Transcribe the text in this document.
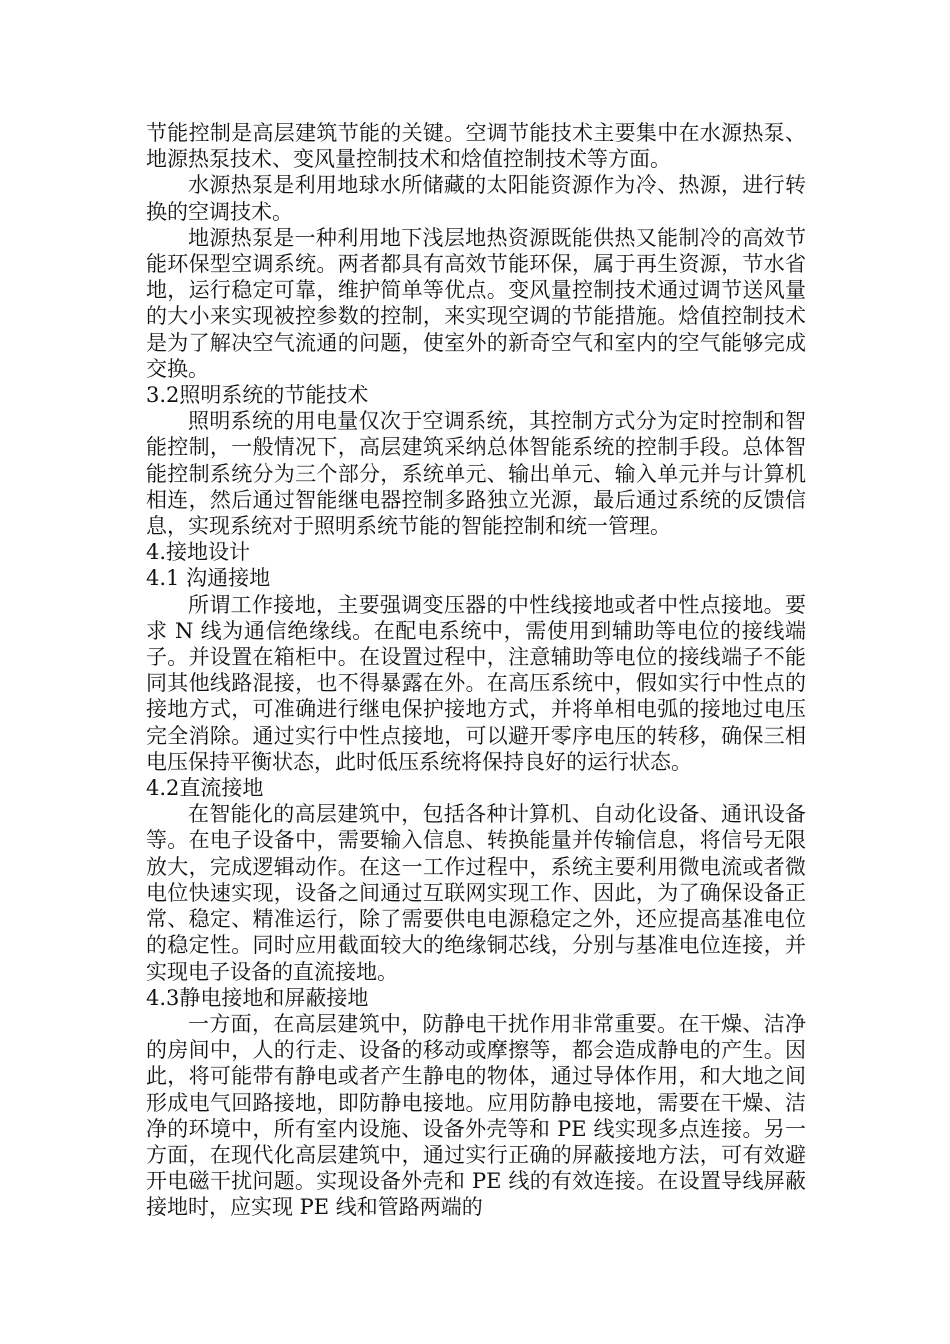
节能控制是高层建筑节能的关键。空调节能技术主要集中在水源热泵、地源热泵技术、变风量控制技术和焓值控制技术等方面。

水源热泵是利用地球水所储藏的太阳能资源作为冷、热源，进行转换的空调技术。

地源热泵是一种利用地下浅层地热资源既能供热又能制冷的高效节能环保型空调系统。两者都具有高效节能环保，属于再生资源，节水省地，运行稳定可靠，维护简单等优点。变风量控制技术通过调节送风量的大小来实现被控参数的控制，来实现空调的节能措施。焓值控制技术是为了解决空气流通的问题，使室外的新奇空气和室内的空气能够完成交换。

3.2照明系统的节能技术

照明系统的用电量仅次于空调系统，其控制方式分为定时控制和智能控制，一般情况下，高层建筑采纳总体智能系统的控制手段。总体智能控制系统分为三个部分，系统单元、输出单元、输入单元并与计算机相连，然后通过智能继电器控制多路独立光源，最后通过系统的反馈信息，实现系统对于照明系统节能的智能控制和统一管理。

4.接地设计

4.1 沟通接地

所谓工作接地，主要强调变压器的中性线接地或者中性点接地。要求 N 线为通信绝缘线。在配电系统中，需使用到辅助等电位的接线端子。并设置在箱柜中。在设置过程中，注意辅助等电位的接线端子不能同其他线路混接，也不得暴露在外。在高压系统中，假如实行中性点的接地方式，可准确进行继电保护接地方式，并将单相电弧的接地过电压完全消除。通过实行中性点接地，可以避开零序电压的转移，确保三相电压保持平衡状态，此时低压系统将保持良好的运行状态。

4.2直流接地

在智能化的高层建筑中，包括各种计算机、自动化设备、通讯设备等。在电子设备中，需要输入信息、转换能量并传输信息，将信号无限放大，完成逻辑动作。在这一工作过程中，系统主要利用微电流或者微电位快速实现，设备之间通过互联网实现工作、因此，为了确保设备正常、稳定、精准运行，除了需要供电电源稳定之外，还应提高基准电位的稳定性。同时应用截面较大的绝缘铜芯线，分别与基准电位连接，并实现电子设备的直流接地。

4.3静电接地和屏蔽接地

一方面，在高层建筑中，防静电干扰作用非常重要。在干燥、洁净的房间中，人的行走、设备的移动或摩擦等，都会造成静电的产生。因此，将可能带有静电或者产生静电的物体，通过导体作用，和大地之间形成电气回路接地，即防静电接地。应用防静电接地，需要在干燥、洁净的环境中，所有室内设施、设备外壳等和 PE 线实现多点连接。另一方面，在现代化高层建筑中，通过实行正确的屏蔽接地方法，可有效避开电磁干扰问题。实现设备外壳和 PE 线的有效连接。在设置导线屏蔽接地时，应实现 PE 线和管路两端的
